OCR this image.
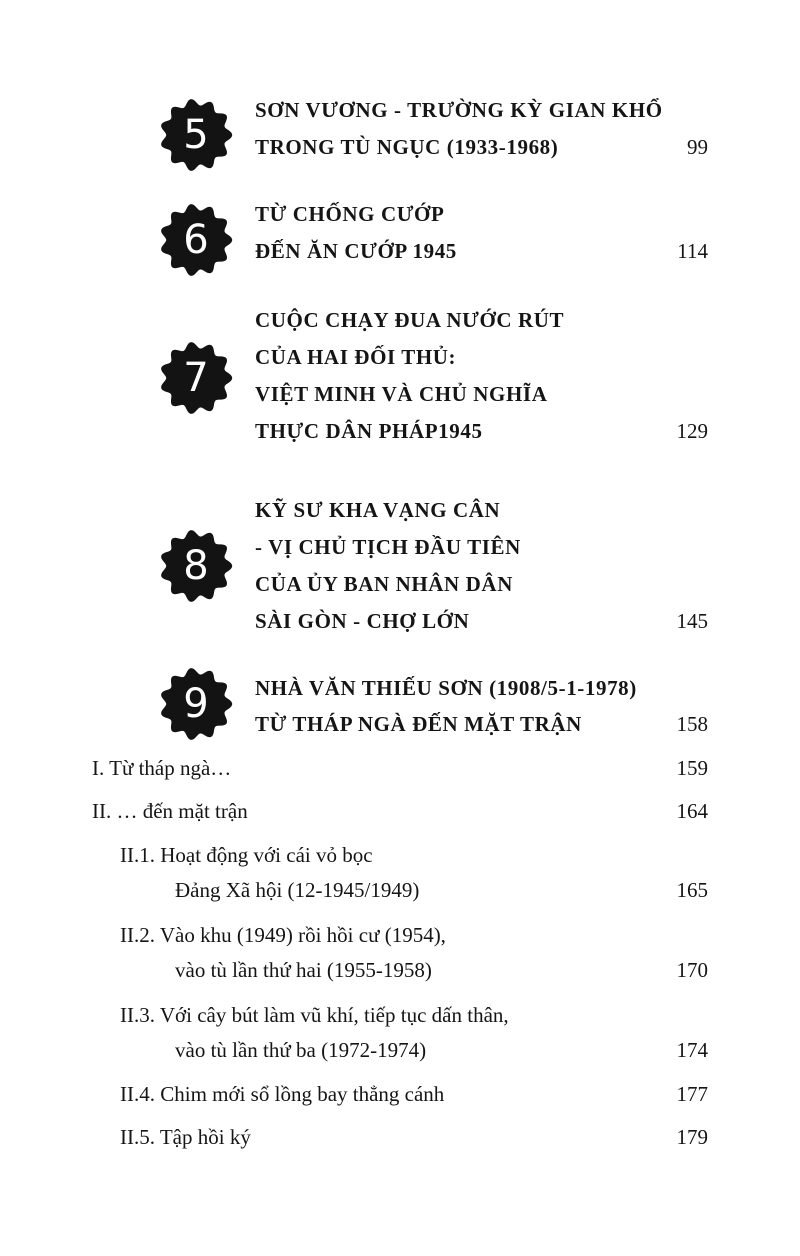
5
SƠN VƯƠNG - TRƯỜNG KỲ GIAN KHỔ
TRONG TÙ NGỤC (1933-1968)	99
6
TỪ CHỐNG CƯỚP
ĐẾN ĂN CƯỚP 1945	114
7
CUỘC CHẠY ĐUA NƯỚC RÚT
CỦA HAI ĐỐI THỦ:
VIỆT MINH VÀ CHỦ NGHĨA
THỰC DÂN PHÁP1945	129
8
KỸ SƯ KHA VẠNG CÂN
- VỊ CHỦ TỊCH ĐẦU TIÊN
CỦA ỦY BAN NHÂN DÂN
SÀI GÒN - CHỢ LỚN	145
9	NHÀ VĂN THIẾU SƠN (1908/5-1-1978)
TỪ THÁP NGÀ ĐẾN MẶT TRẬN	158
I. Từ tháp ngà…	159
II. … đến mặt trận	164
II.1. Hoạt động với cái vỏ bọc
Đảng Xã hội (12-1945/1949)	165
II.2. Vào khu (1949) rồi hồi cư (1954),
vào tù lần thứ hai (1955-1958)	170
II.3. Với cây bút làm vũ khí, tiếp tục dấn thân,
vào tù lần thứ ba (1972-1974)	174
II.4. Chim mới sổ lồng bay thẳng cánh	177
II.5. Tập hồi ký	179
